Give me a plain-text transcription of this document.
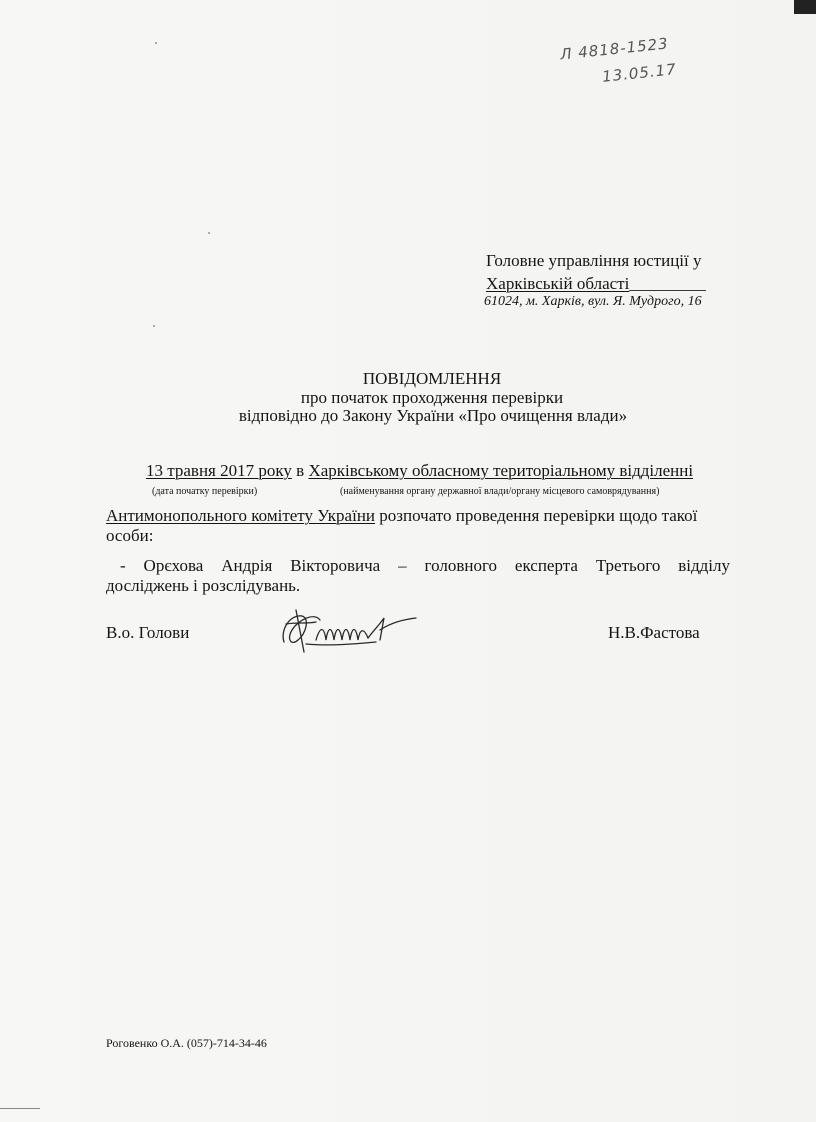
Л 4818-1523
13.05.17
Головне управління юстиції у
Харківській області_________
61024, м. Харків, вул. Я. Мудрого, 16
ПОВІДОМЛЕННЯ
про початок проходження перевірки
відповідно до Закону України «Про очищення влади»
13 травня 2017 року в Харківському обласному територіальному відділенні
(дата початку перевірки)	(найменування органу державної влади/органу місцевого самоврядування)
Антимонопольного комітету України розпочато проведення перевірки щодо такої
особи:
- Орєхова Андрія Вікторовича – головного експерта Третього відділу
досліджень і розслідувань.
В.о. Голови	Н.В.Фастова
Роговенко О.А. (057)-714-34-46
